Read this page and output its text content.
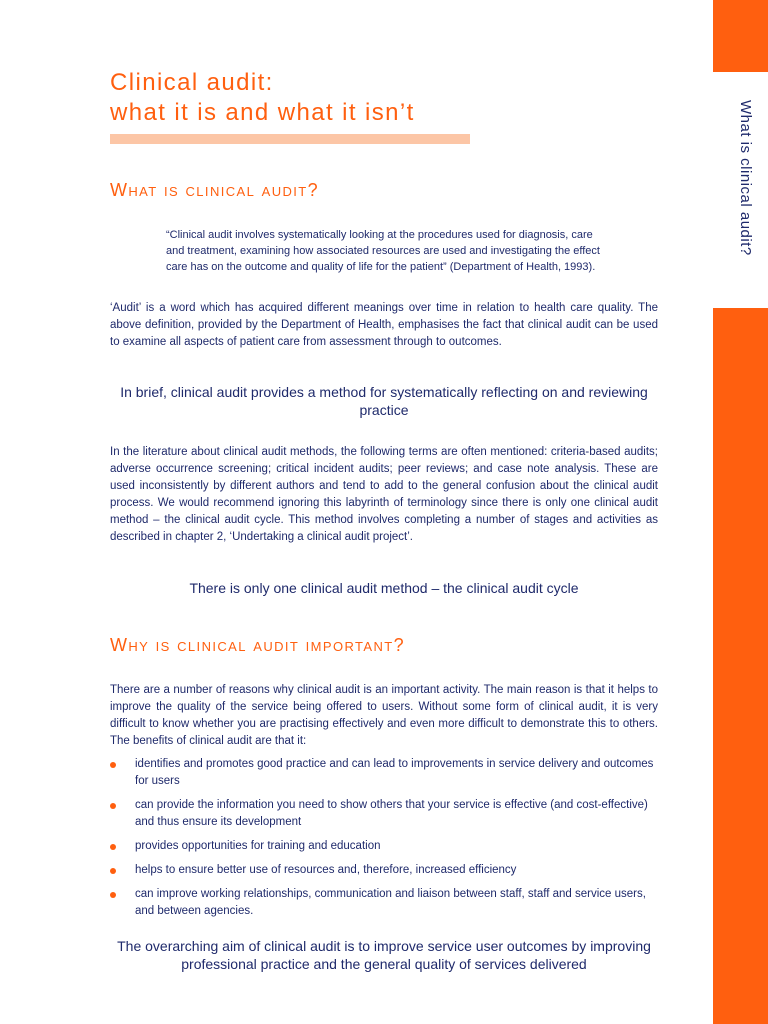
What is clinical audit?
Clinical audit:
what it is and what it isn’t
What is clinical audit?

“Clinical audit involves systematically looking at the procedures used for diagnosis, care and treatment, examining how associated resources are used and investigating the effect care has on the outcome and quality of life for the patient” (Department of Health, 1993).

‘Audit’ is a word which has acquired different meanings over time in relation to health care quality. The above definition, provided by the Department of Health, emphasises the fact that clinical audit can be used to examine all aspects of patient care from assessment through to outcomes.

In brief, clinical audit provides a method for systematically reflecting on and reviewing practice

In the literature about clinical audit methods, the following terms are often mentioned: criteria-based audits; adverse occurrence screening; critical incident audits; peer reviews; and case note analysis. These are used inconsistently by different authors and tend to add to the general confusion about the clinical audit process. We would recommend ignoring this labyrinth of terminology since there is only one clinical audit method – the clinical audit cycle. This method involves completing a number of stages and activities as described in chapter 2, ‘Undertaking a clinical audit project’.

There is only one clinical audit method – the clinical audit cycle

Why is clinical audit important?

There are a number of reasons why clinical audit is an important activity. The main reason is that it helps to improve the quality of the service being offered to users. Without some form of clinical audit, it is very difficult to know whether you are practising effectively and even more difficult to demonstrate this to others. The benefits of clinical audit are that it:

identifies and promotes good practice and can lead to improvements in service delivery and outcomes for users
can provide the information you need to show others that your service is effective (and cost-effective) and thus ensure its development
provides opportunities for training and education
helps to ensure better use of resources and, therefore, increased efficiency
can improve working relationships, communication and liaison between staff, staff and service users, and between agencies.

The overarching aim of clinical audit is to improve service user outcomes by improving professional practice and the general quality of services delivered
